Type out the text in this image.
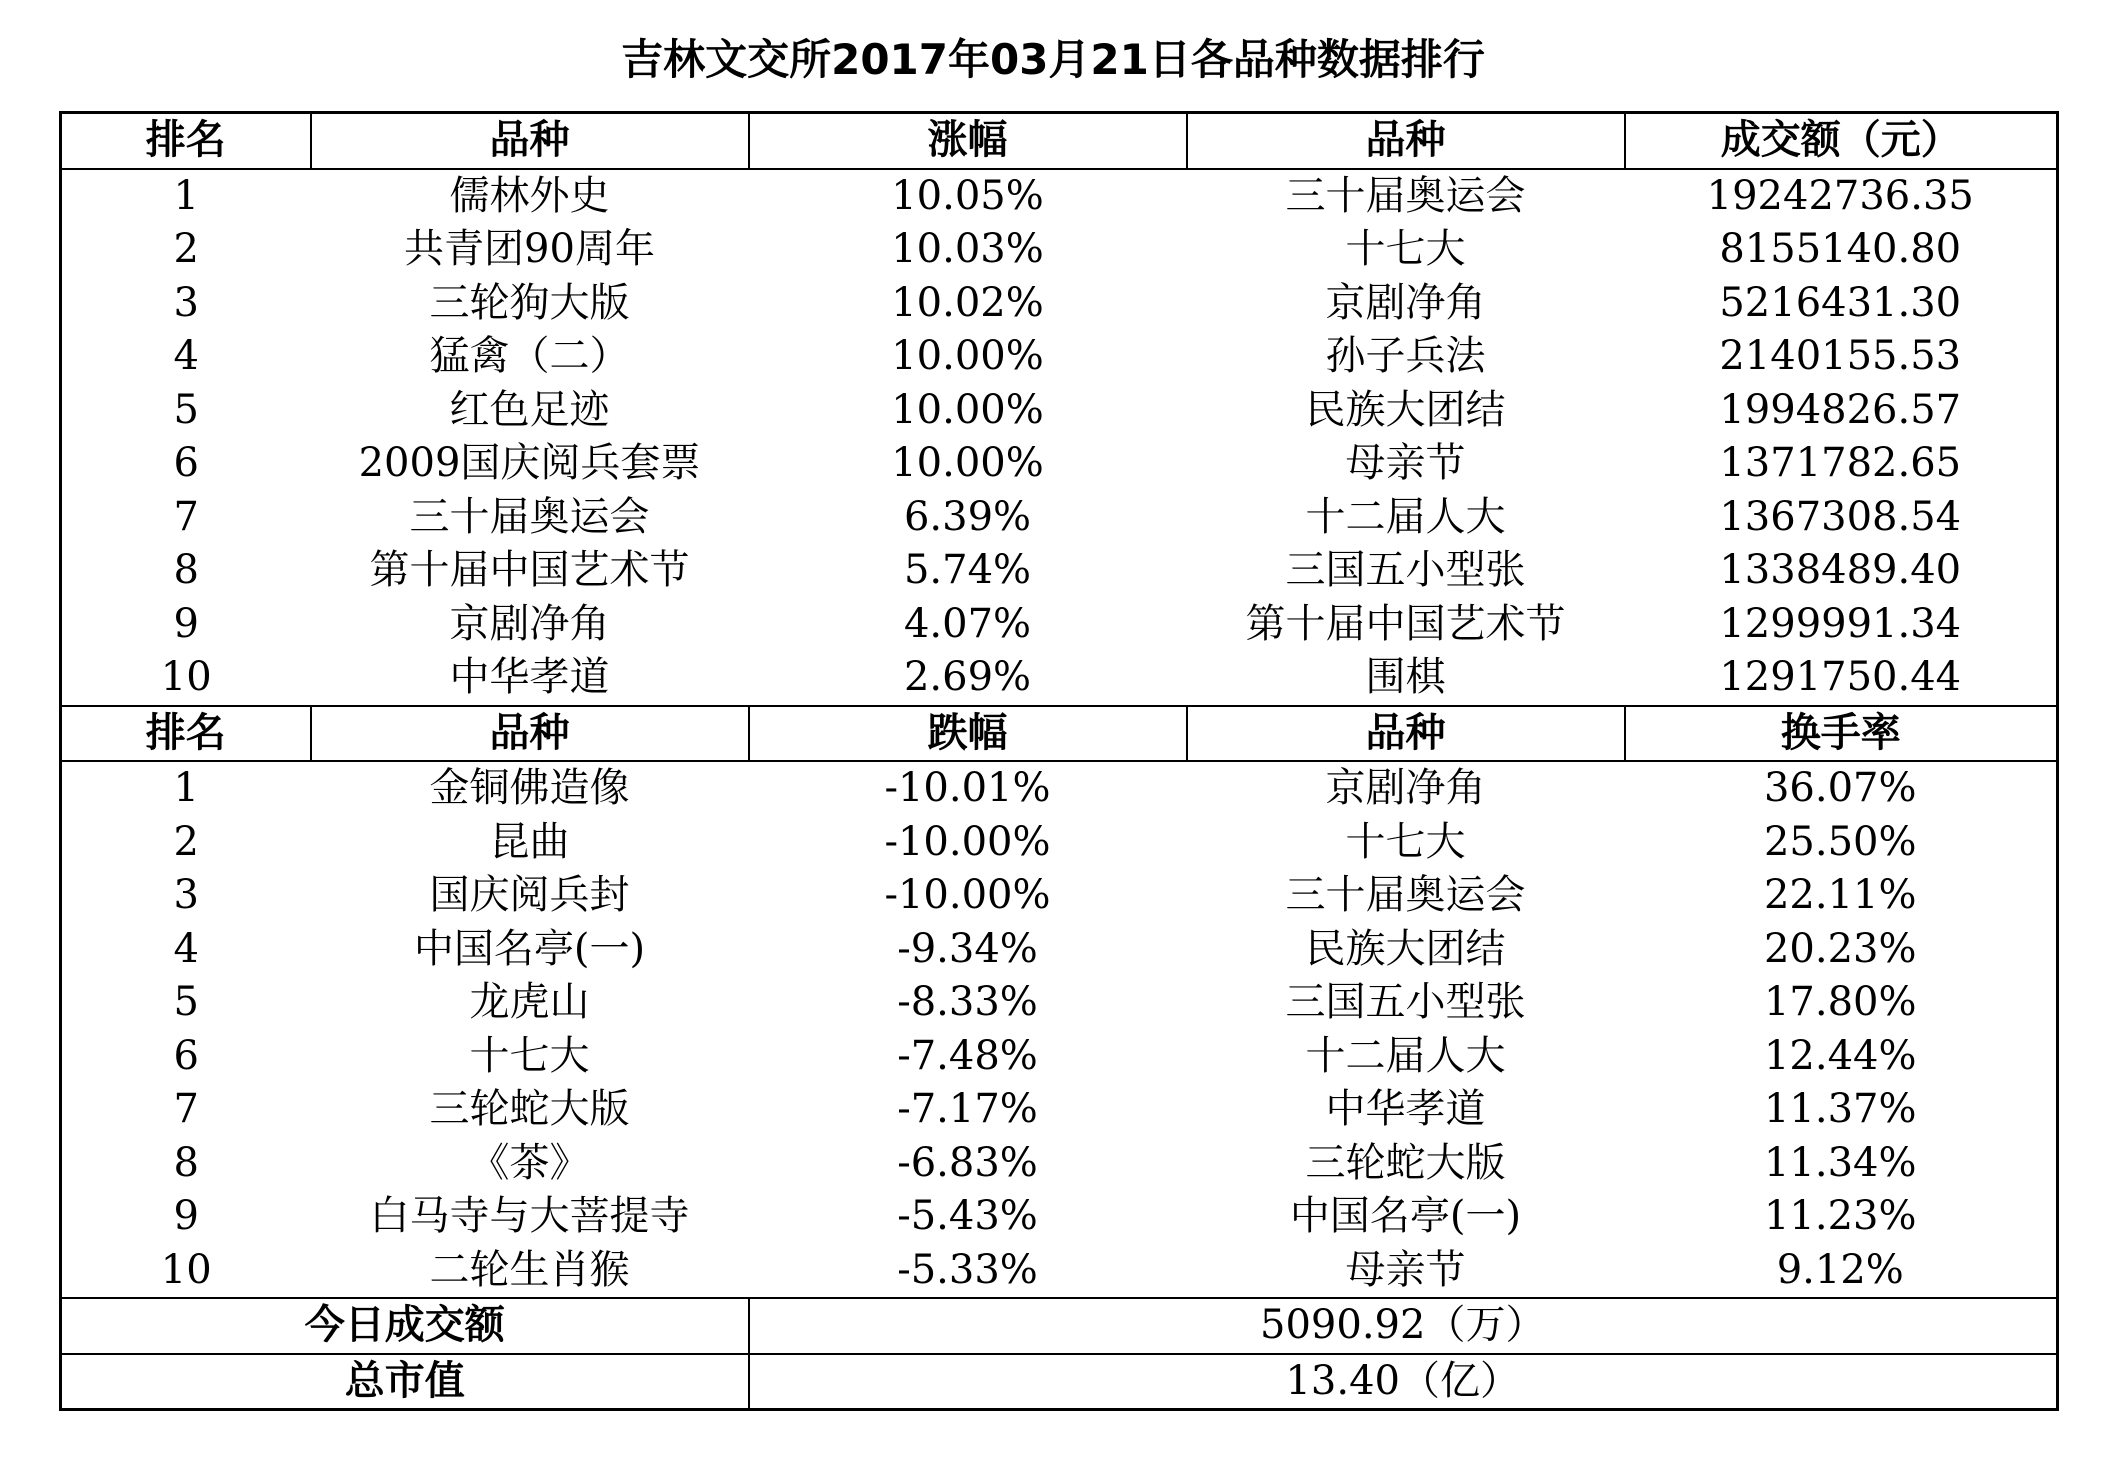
吉林文交所2017年03月21日各品种数据排行
排名	品种	涨幅	品种	成交额（元）
1	儒林外史	10.05%	三十届奥运会	19242736.35
2	共青团90周年	10.03%	十七大	8155140.80
3	三轮狗大版	10.02%	京剧净角	5216431.30
4	猛禽（二）	10.00%	孙子兵法	2140155.53
5	红色足迹	10.00%	民族大团结	1994826.57
6	2009国庆阅兵套票	10.00%	母亲节	1371782.65
7	三十届奥运会	6.39%	十二届人大	1367308.54
8	第十届中国艺术节	5.74%	三国五小型张	1338489.40
9	京剧净角	4.07%	第十届中国艺术节	1299991.34
10	中华孝道	2.69%	围棋	1291750.44
排名	品种	跌幅	品种	换手率
1	金铜佛造像	-10.01%	京剧净角	36.07%
2	昆曲	-10.00%	十七大	25.50%
3	国庆阅兵封	-10.00%	三十届奥运会	22.11%
4	中国名亭(一)	-9.34%	民族大团结	20.23%
5	龙虎山	-8.33%	三国五小型张	17.80%
6	十七大	-7.48%	十二届人大	12.44%
7	三轮蛇大版	-7.17%	中华孝道	11.37%
8	《茶》	-6.83%	三轮蛇大版	11.34%
9	白马寺与大菩提寺	-5.43%	中国名亭(一)	11.23%
10	二轮生肖猴	-5.33%	母亲节	9.12%
今日成交额		5090.92（万）		
总市值		13.40（亿）		
